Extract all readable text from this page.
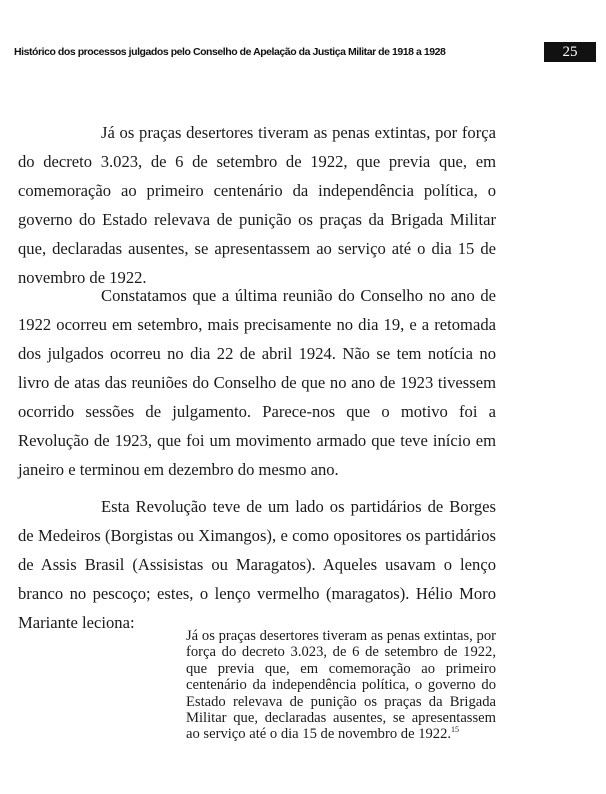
Histórico dos processos julgados pelo Conselho de Apelação da Justiça Militar de 1918 a 1928	25

Já os praças desertores tiveram as penas extintas, por força do decreto 3.023, de 6 de setembro de 1922, que previa que, em comemoração ao primeiro centenário da independência política, o governo do Estado relevava de punição os praças da Brigada Militar que, declaradas ausentes, se apresentassem ao serviço até o dia 15 de novembro de 1922.

Constatamos que a última reunião do Conselho no ano de 1922 ocorreu em setembro, mais precisamente no dia 19, e a retomada dos julgados ocorreu no dia 22 de abril 1924. Não se tem notícia no livro de atas das reuniões do Conselho de que no ano de 1923 tivessem ocorrido sessões de julgamento. Parece-nos que o motivo foi a Revolução de 1923, que foi um movimento armado que teve início em janeiro e terminou em dezembro do mesmo ano.

Esta Revolução teve de um lado os partidários de Borges de Medeiros (Borgistas ou Ximangos), e como opositores os partidários de Assis Brasil (Assisistas ou Maragatos). Aqueles usavam o lenço branco no pescoço; estes, o lenço vermelho (maragatos). Hélio Moro Mariante leciona:

Já os praças desertores tiveram as penas extintas, por força do decreto 3.023, de 6 de setembro de 1922, que previa que, em comemoração ao primeiro centenário da independência política, o governo do Estado relevava de punição os praças da Brigada Militar que, declaradas ausentes, se apresentassem ao serviço até o dia 15 de novembro de 1922.15
